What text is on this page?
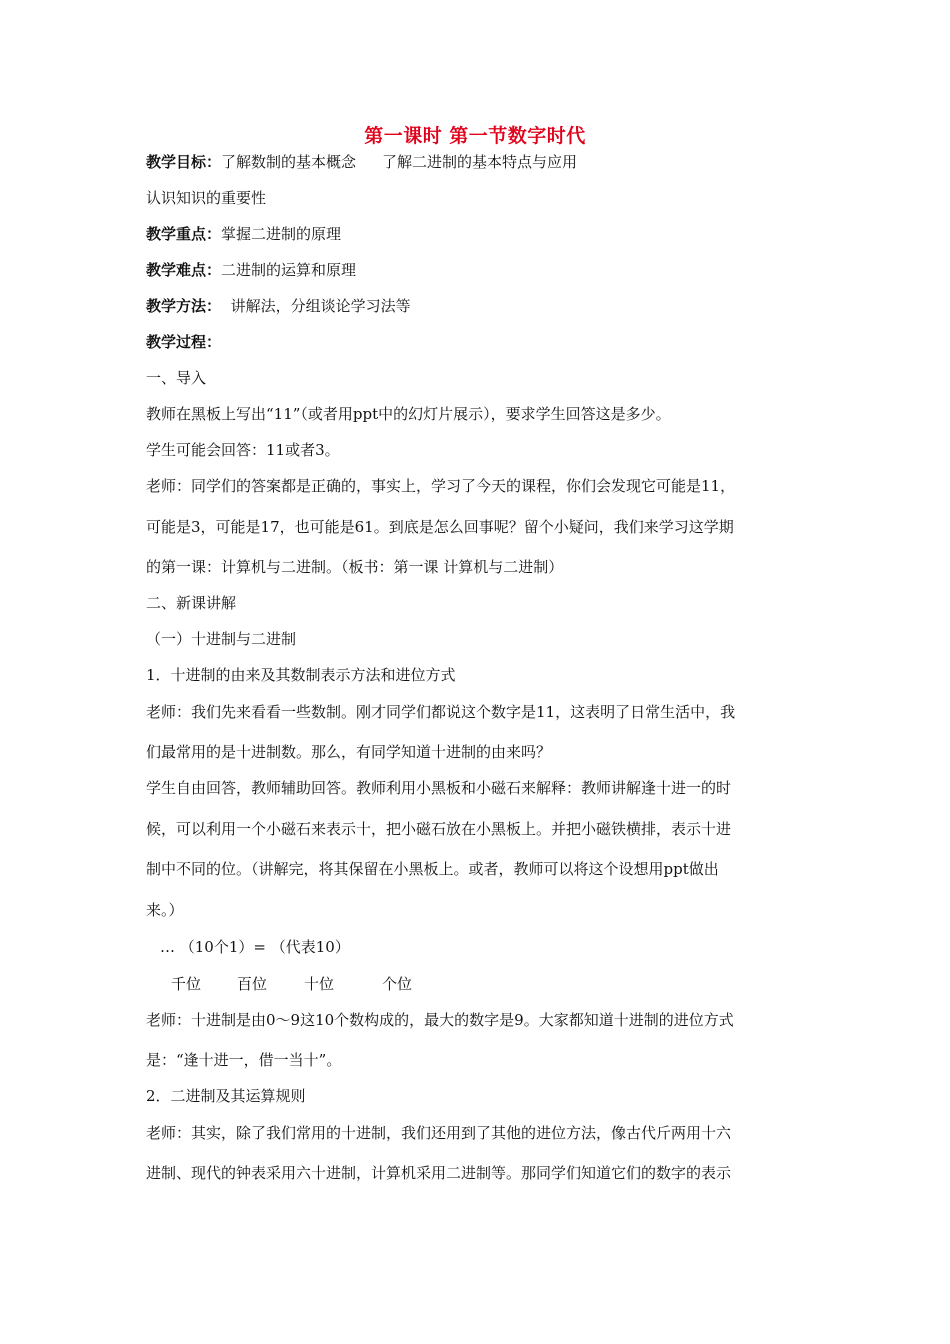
第一课时 第一节数字时代
教学目标：了解数制的基本概念 了解二进制的基本特点与应用
认识知识的重要性
教学重点：掌握二进制的原理
教学难点：二进制的运算和原理
教学方法： 讲解法，分组谈论学习法等
教学过程：
一、导入
教师在黑板上写出“11”（或者用ppt中的幻灯片展示），要求学生回答这是多少。
学生可能会回答：11或者3。
老师：同学们的答案都是正确的，事实上，学习了今天的课程，你们会发现它可能是11，
可能是3，可能是17，也可能是61。到底是怎么回事呢？留个小疑问，我们来学习这学期
的第一课：计算机与二进制。（板书：第一课 计算机与二进制）
二、新课讲解
（一）十进制与二进制
1．十进制的由来及其数制表示方法和进位方式
老师：我们先来看看一些数制。刚才同学们都说这个数字是11，这表明了日常生活中，我
们最常用的是十进制数。那么，有同学知道十进制的由来吗？
学生自由回答，教师辅助回答。教师利用小黑板和小磁石来解释：教师讲解逢十进一的时
候，可以利用一个小磁石来表示十，把小磁石放在小黑板上。并把小磁铁横排，表示十进
制中不同的位。（讲解完，将其保留在小黑板上。或者，教师可以将这个设想用ppt做出
来。）
… （10个1）= （代表10）
千位 百位 十位	个位
老师：十进制是由0～9这10个数构成的，最大的数字是9。大家都知道十进制的进位方式
是：“逢十进一，借一当十”。
2．二进制及其运算规则
老师：其实，除了我们常用的十进制，我们还用到了其他的进位方法，像古代斤两用十六
进制、现代的钟表采用六十进制，计算机采用二进制等。那同学们知道它们的数字的表示
